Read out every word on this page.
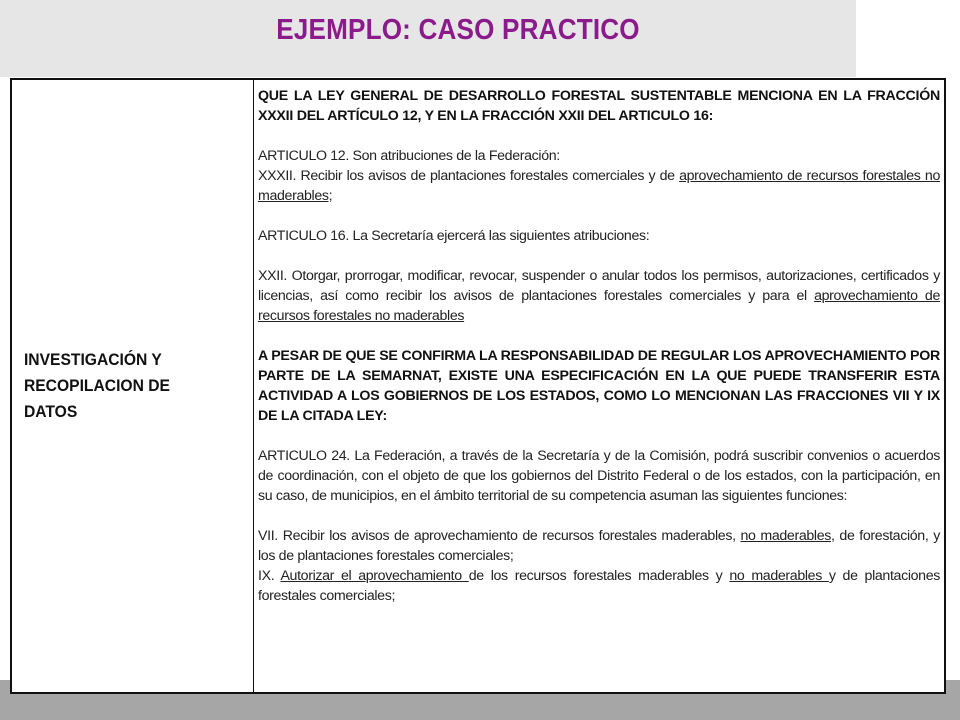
EJEMPLO: CASO PRACTICO
INVESTIGACIÓN Y RECOPILACION DE DATOS

QUE LA LEY GENERAL DE DESARROLLO FORESTAL SUSTENTABLE MENCIONA EN LA FRACCIÓN XXXII DEL ARTÍCULO 12, Y EN LA FRACCIÓN XXII DEL ARTICULO 16:

ARTICULO 12. Son atribuciones de la Federación:

XXXII. Recibir los avisos de plantaciones forestales comerciales y de aprovechamiento de recursos forestales no maderables;

ARTICULO 16. La Secretaría ejercerá las siguientes atribuciones:

XXII. Otorgar, prorrogar, modificar, revocar, suspender o anular todos los permisos, autorizaciones, certificados y licencias, así como recibir los avisos de plantaciones forestales comerciales y para el aprovechamiento de recursos forestales no maderables

A PESAR DE QUE SE CONFIRMA LA RESPONSABILIDAD DE REGULAR LOS APROVECHAMIENTO POR PARTE DE LA SEMARNAT, EXISTE UNA ESPECIFICACIÓN EN LA QUE PUEDE TRANSFERIR ESTA ACTIVIDAD A LOS GOBIERNOS DE LOS ESTADOS, COMO LO MENCIONAN LAS FRACCIONES VII Y IX DE LA CITADA LEY:

ARTICULO 24. La Federación, a través de la Secretaría y de la Comisión, podrá suscribir convenios o acuerdos de coordinación, con el objeto de que los gobiernos del Distrito Federal o de los estados, con la participación, en su caso, de municipios, en el ámbito territorial de su competencia asuman las siguientes funciones:

VII. Recibir los avisos de aprovechamiento de recursos forestales maderables, no maderables, de forestación, y los de plantaciones forestales comerciales;

IX. Autorizar el aprovechamiento de los recursos forestales maderables y no maderables y de plantaciones forestales comerciales;
